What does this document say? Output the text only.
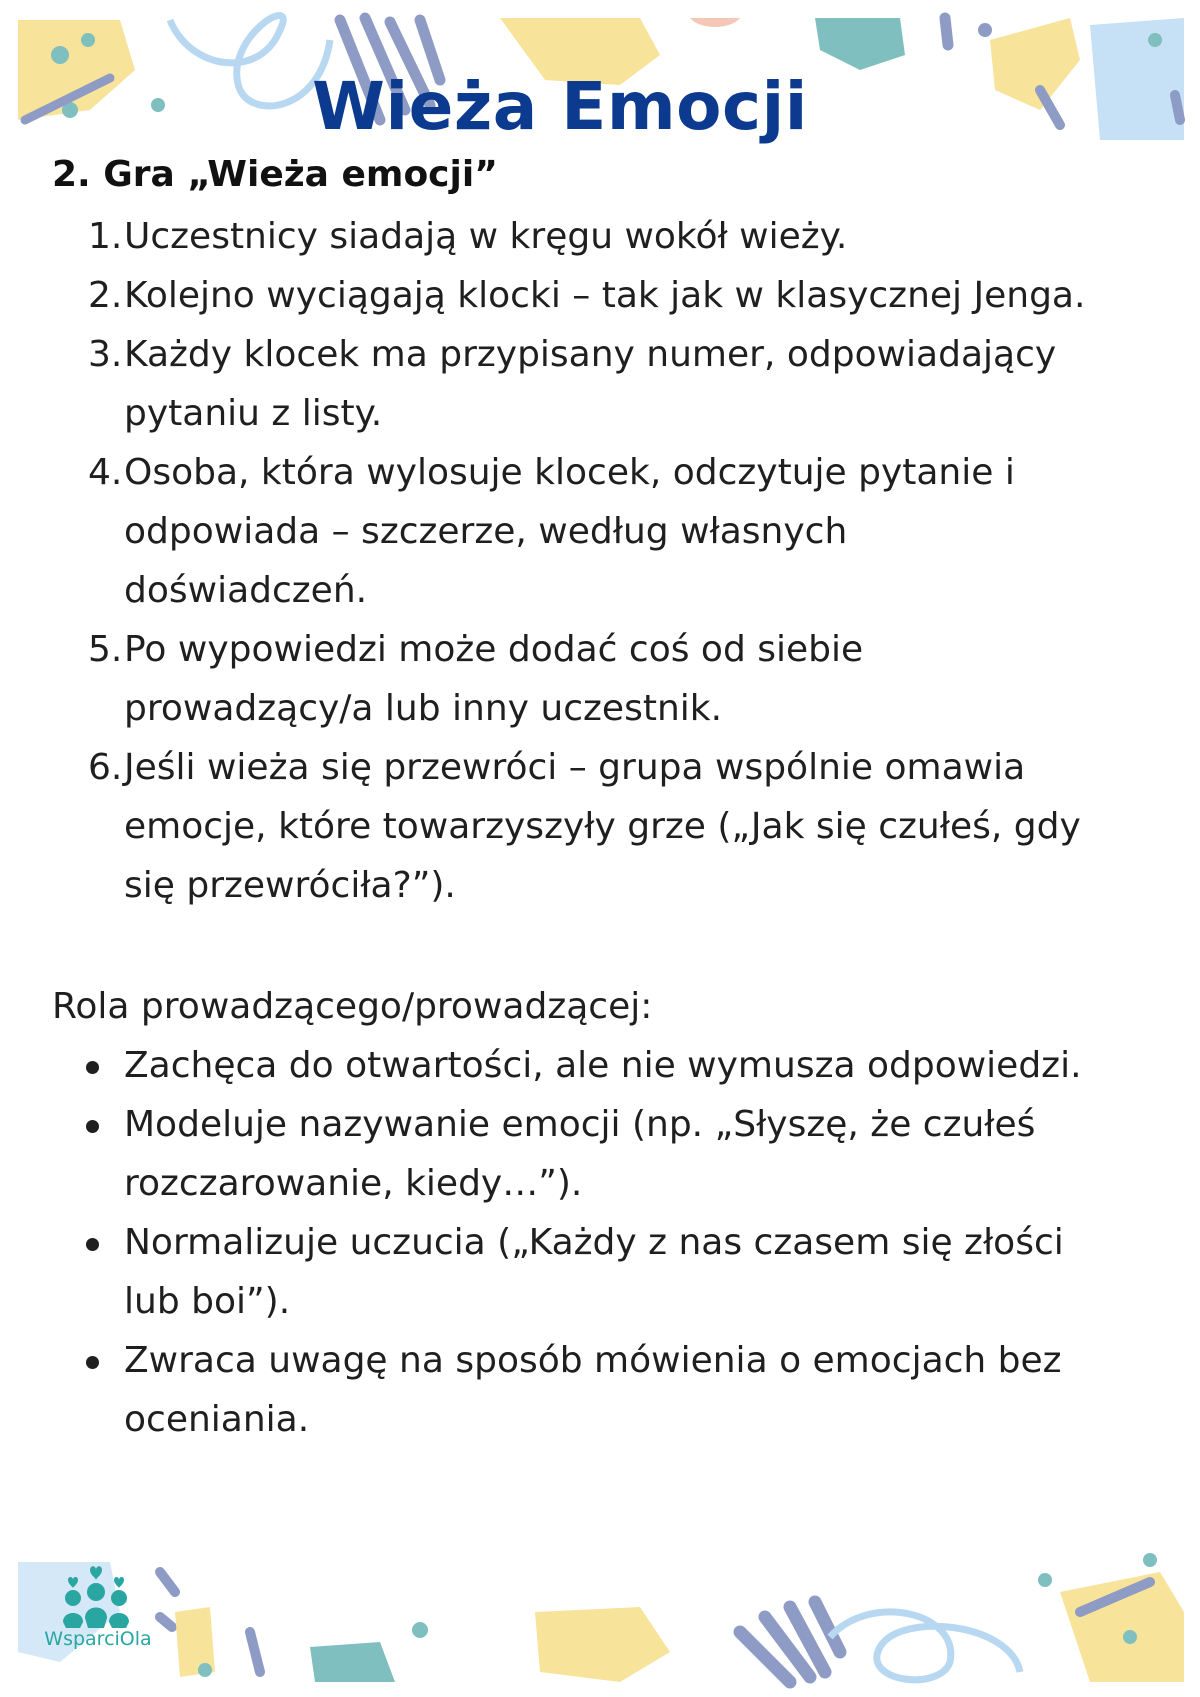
Wieża Emocji
2. Gra „Wieża emocji”
1. Uczestnicy siadają w kręgu wokół wieży.
2. Kolejno wyciągają klocki – tak jak w klasycznej Jenga.
3. Każdy klocek ma przypisany numer, odpowiadający pytaniu z listy.
4. Osoba, która wylosuje klocek, odczytuje pytanie i odpowiada – szczerze, według własnych doświadczeń.
5. Po wypowiedzi może dodać coś od siebie prowadzący/a lub inny uczestnik.
6. Jeśli wieża się przewróci – grupa wspólnie omawia emocje, które towarzyszyły grze („Jak się czułeś, gdy się przewróciła?”).

Rola prowadzącego/prowadzącej:

Zachęca do otwartości, ale nie wymusza odpowiedzi.
Modeluje nazywanie emocji (np. „Słyszę, że czułeś rozczarowanie, kiedy…”).
Normalizuje uczucia („Każdy z nas czasem się złości lub boi”).
Zwraca uwagę na sposób mówienia o emocjach bez oceniania.
WsparciOla
